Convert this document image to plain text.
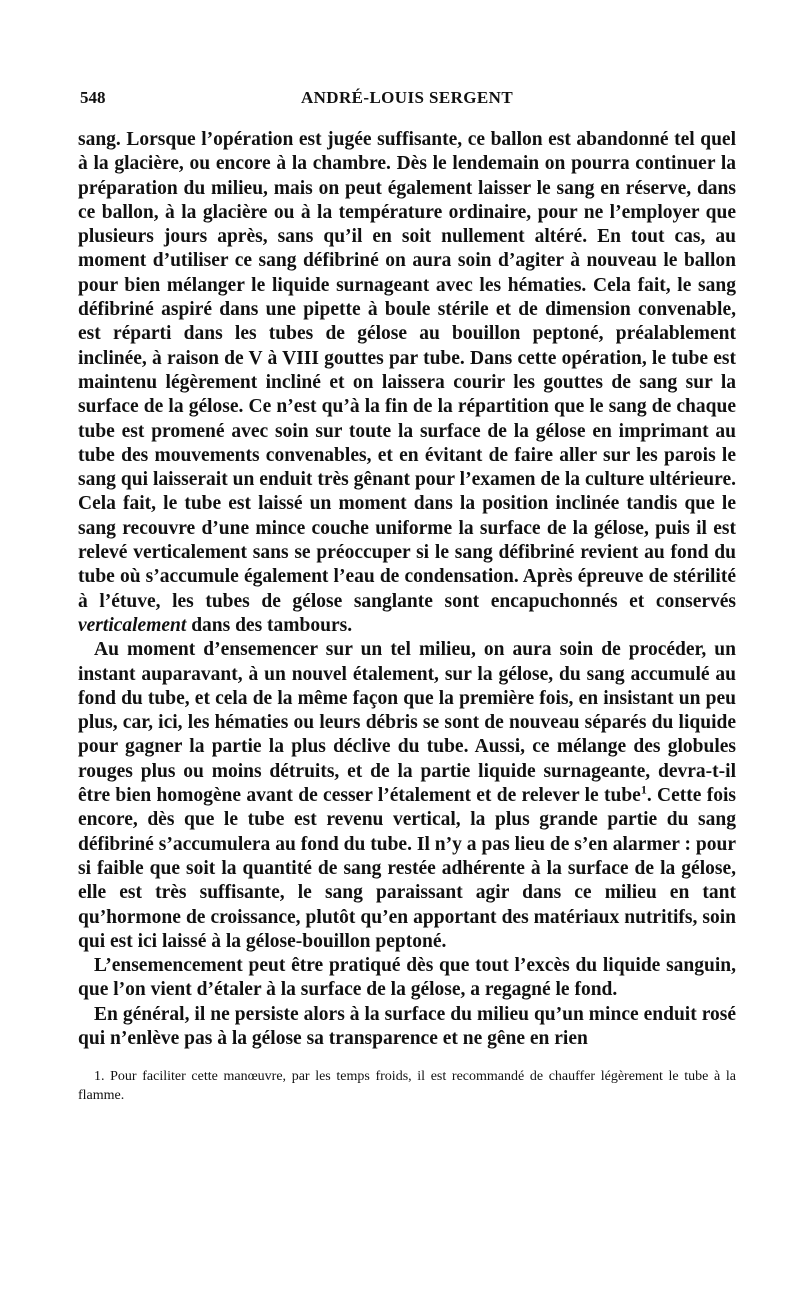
548	ANDRÉ-LOUIS SERGENT

sang. Lorsque l’opération est jugée suffisante, ce ballon est abandonné tel quel à la glacière, ou encore à la chambre. Dès le lendemain on pourra continuer la préparation du milieu, mais on peut également laisser le sang en réserve, dans ce ballon, à la glacière ou à la température ordinaire, pour ne l’employer que plusieurs jours après, sans qu’il en soit nullement altéré. En tout cas, au moment d’utiliser ce sang défibriné on aura soin d’agiter à nouveau le ballon pour bien mélanger le liquide surnageant avec les hématies. Cela fait, le sang défibriné aspiré dans une pipette à boule stérile et de dimension convenable, est réparti dans les tubes de gélose au bouillon peptoné, préalablement inclinée, à raison de V à VIII gouttes par tube. Dans cette opération, le tube est maintenu légèrement incliné et on laissera courir les gouttes de sang sur la surface de la gélose. Ce n’est qu’à la fin de la répartition que le sang de chaque tube est promené avec soin sur toute la surface de la gélose en imprimant au tube des mouvements convenables, et en évitant de faire aller sur les parois le sang qui laisserait un enduit très gênant pour l’examen de la culture ultérieure. Cela fait, le tube est laissé un moment dans la position inclinée tandis que le sang recouvre d’une mince couche uniforme la surface de la gélose, puis il est relevé verticalement sans se préoccuper si le sang défibriné revient au fond du tube où s’accumule également l’eau de condensation. Après épreuve de stérilité à l’étuve, les tubes de gélose sanglante sont encapuchonnés et conservés verticalement dans des tambours.

Au moment d’ensemencer sur un tel milieu, on aura soin de procéder, un instant auparavant, à un nouvel étalement, sur la gélose, du sang accumulé au fond du tube, et cela de la même façon que la première fois, en insistant un peu plus, car, ici, les hématies ou leurs débris se sont de nouveau séparés du liquide pour gagner la partie la plus déclive du tube. Aussi, ce mélange des globules rouges plus ou moins détruits, et de la partie liquide surnageante, devra-t-il être bien homogène avant de cesser l’étalement et de relever le tube$^1$. Cette fois encore, dès que le tube est revenu vertical, la plus grande partie du sang défibriné s’accumulera au fond du tube. Il n’y a pas lieu de s’en alarmer : pour si faible que soit la quantité de sang restée adhérente à la surface de la gélose, elle est très suffisante, le sang paraissant agir dans ce milieu en tant qu’hormone de croissance, plutôt qu’en apportant des matériaux nutritifs, soin qui est ici laissé à la gélose-bouillon peptoné.

L’ensemencement peut être pratiqué dès que tout l’excès du liquide sanguin, que l’on vient d’étaler à la surface de la gélose, a regagné le fond.

En général, il ne persiste alors à la surface du milieu qu’un mince enduit rosé qui n’enlève pas à la gélose sa transparence et ne gêne en rien

1. Pour faciliter cette manœuvre, par les temps froids, il est recommandé de chauffer légèrement le tube à la flamme.
